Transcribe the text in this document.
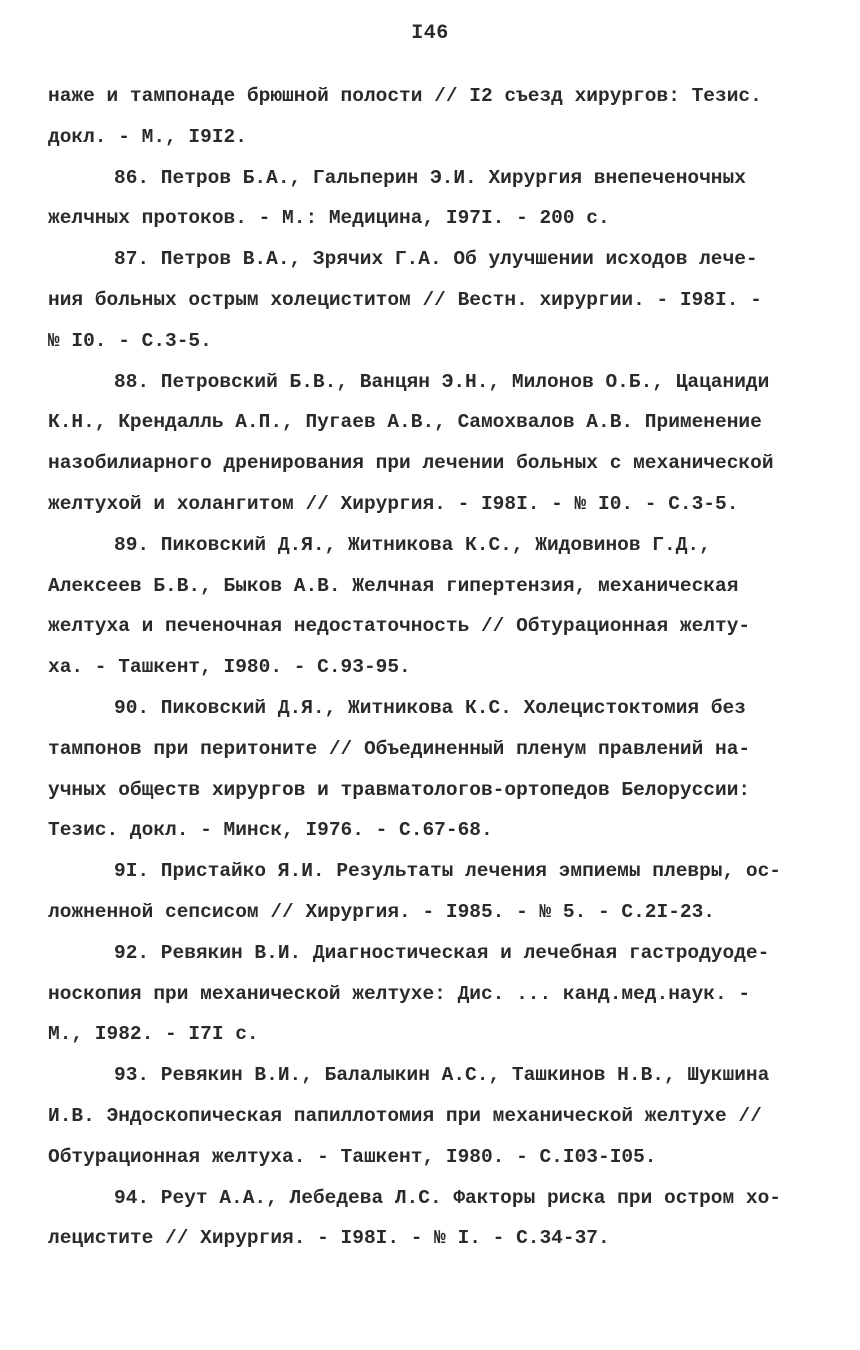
I46
наже и тампонаде брюшной полости // I2 съезд хирургов: Тезис.
докл. - М., I9I2.
86. Петров Б.А., Гальперин Э.И. Хирургия внепеченочных
желчных протоков. - М.: Медицина, I97I. - 200 с.
87. Петров В.А., Зрячих Г.А. Об улучшении исходов лече-
ния больных острым холециститом // Вестн. хирургии. - I98I. -
№ I0. - С.3-5.
88. Петровский Б.В., Ванцян Э.Н., Милонов О.Б., Цацаниди
К.Н., Крендалль А.П., Пугаев А.В., Самохвалов А.В. Применение
назобилиарного дренирования при лечении больных с механической
желтухой и холангитом // Хирургия. - I98I. - № I0. - С.3-5.
89. Пиковский Д.Я., Житникова К.С., Жидовинов Г.Д.,
Алексеев Б.В., Быков А.В. Желчная гипертензия, механическая
желтуха и печеночная недостаточность // Обтурационная желту-
ха. - Ташкент, I980. - С.93-95.
90. Пиковский Д.Я., Житникова К.С. Холецистоктомия без
тампонов при перитоните // Объединенный пленум правлений на-
учных обществ хирургов и травматологов-ортопедов Белоруссии:
Тезис. докл. - Минск, I976. - С.67-68.
9I. Пристайко Я.И. Результаты лечения эмпиемы плевры, ос-
ложненной сепсисом // Хирургия. - I985. - № 5. - С.2I-23.
92. Ревякин В.И. Диагностическая и лечебная гастродуоде-
носкопия при механической желтухе: Дис. ... канд.мед.наук. -
М., I982. - I7I с.
93. Ревякин В.И., Балалыкин А.С., Ташкинов Н.В., Шукшина
И.В. Эндоскопическая папиллотомия при механической желтухе //
Обтурационная желтуха. - Ташкент, I980. - С.I03-I05.
94. Реут А.А., Лебедева Л.С. Факторы риска при остром хо-
лецистите // Хирургия. - I98I. - № I. - С.34-37.
